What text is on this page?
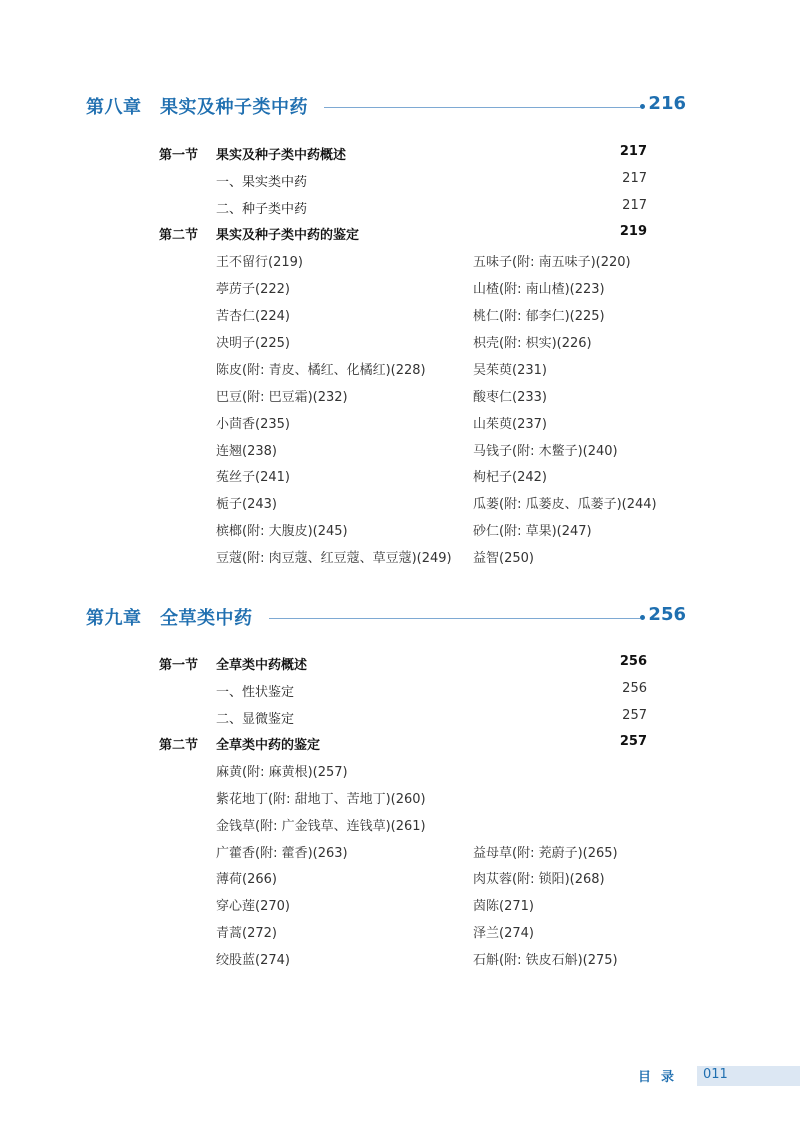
第八章　果实及种子类中药	216
第一节 果实及种子类中药概述	217
一、果实类中药	217
二、种子类中药	217
第二节 果实及种子类中药的鉴定	219
王不留行(219)	五味子(附: 南五味子)(220)
葶苈子(222)	山楂(附: 南山楂)(223)
苦杏仁(224)	桃仁(附: 郁李仁)(225)
决明子(225)	枳壳(附: 枳实)(226)
陈皮(附: 青皮、橘红、化橘红)(228)	吴茱萸(231)
巴豆(附: 巴豆霜)(232)	酸枣仁(233)
小茴香(235)	山茱萸(237)
连翘(238)	马钱子(附: 木鳖子)(240)
菟丝子(241)	枸杞子(242)
栀子(243)	瓜蒌(附: 瓜蒌皮、瓜蒌子)(244)
槟榔(附: 大腹皮)(245)	砂仁(附: 草果)(247)
豆蔻(附: 肉豆蔻、红豆蔻、草豆蔻)(249) 益智(250)
第九章　全草类中药	256
第一节 全草类中药概述	256
一、性状鉴定	256
二、显微鉴定	257
第二节 全草类中药的鉴定	257
麻黄(附: 麻黄根)(257)
紫花地丁(附: 甜地丁、苦地丁)(260)
金钱草(附: 广金钱草、连钱草)(261)
广藿香(附: 藿香)(263)	益母草(附: 茺蔚子)(265)
薄荷(266)	肉苁蓉(附: 锁阳)(268)
穿心莲(270)	茵陈(271)
青蒿(272)	泽兰(274)
绞股蓝(274)	石斛(附: 铁皮石斛)(275)
目录 011
